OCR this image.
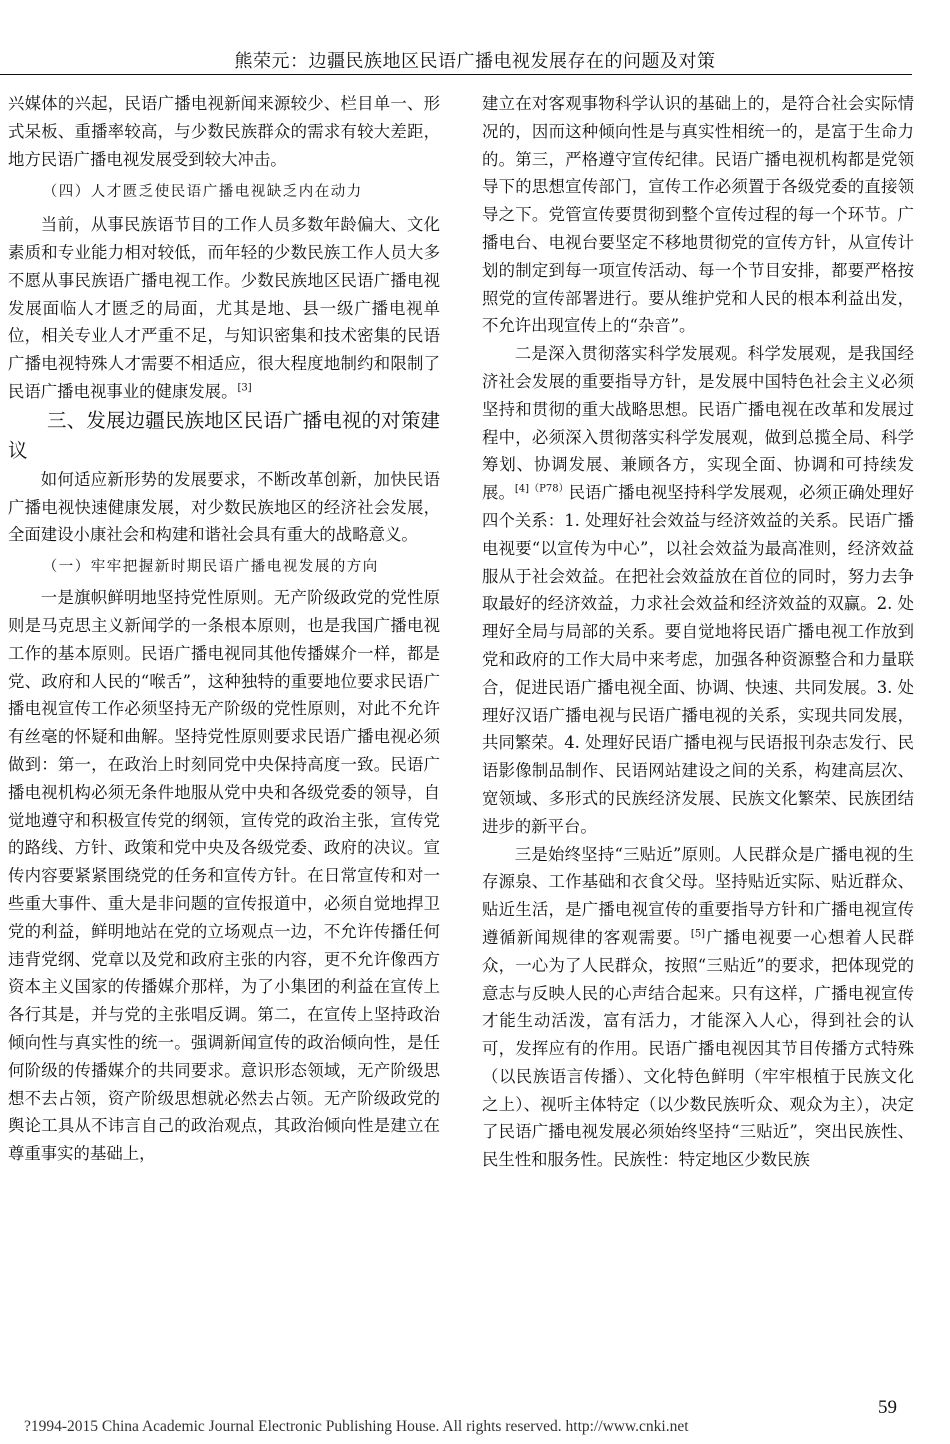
熊荣元：边疆民族地区民语广播电视发展存在的问题及对策

兴媒体的兴起，民语广播电视新闻来源较少、栏目单一、形式呆板、重播率较高，与少数民族群众的需求有较大差距，地方民语广播电视发展受到较大冲击。

（四）人才匮乏使民语广播电视缺乏内在动力

当前，从事民族语节目的工作人员多数年龄偏大、文化素质和专业能力相对较低，而年轻的少数民族工作人员大多不愿从事民族语广播电视工作。少数民族地区民语广播电视发展面临人才匮乏的局面，尤其是地、县一级广播电视单位，相关专业人才严重不足，与知识密集和技术密集的民语广播电视特殊人才需要不相适应，很大程度地制约和限制了民语广播电视事业的健康发展。[3]

三、发展边疆民族地区民语广播电视的对策建议

如何适应新形势的发展要求，不断改革创新，加快民语广播电视快速健康发展，对少数民族地区的经济社会发展，全面建设小康社会和构建和谐社会具有重大的战略意义。

（一）牢牢把握新时期民语广播电视发展的方向

一是旗帜鲜明地坚持党性原则。无产阶级政党的党性原则是马克思主义新闻学的一条根本原则，也是我国广播电视工作的基本原则。民语广播电视同其他传播媒介一样，都是党、政府和人民的“喉舌”，这种独特的重要地位要求民语广播电视宣传工作必须坚持无产阶级的党性原则，对此不允许有丝毫的怀疑和曲解。坚持党性原则要求民语广播电视必须做到：第一，在政治上时刻同党中央保持高度一致。民语广播电视机构必须无条件地服从党中央和各级党委的领导，自觉地遵守和积极宣传党的纲领，宣传党的政治主张，宣传党的路线、方针、政策和党中央及各级党委、政府的决议。宣传内容要紧紧围绕党的任务和宣传方针。在日常宣传和对一些重大事件、重大是非问题的宣传报道中，必须自觉地捍卫党的利益，鲜明地站在党的立场观点一边，不允许传播任何违背党纲、党章以及党和政府主张的内容，更不允许像西方资本主义国家的传播媒介那样，为了小集团的利益在宣传上各行其是，并与党的主张唱反调。第二，在宣传上坚持政治倾向性与真实性的统一。强调新闻宣传的政治倾向性，是任何阶级的传播媒介的共同要求。意识形态领域，无产阶级思想不去占领，资产阶级思想就必然去占领。无产阶级政党的舆论工具从不讳言自己的政治观点，其政治倾向性是建立在尊重事实的基础上，

建立在对客观事物科学认识的基础上的，是符合社会实际情况的，因而这种倾向性是与真实性相统一的，是富于生命力的。第三，严格遵守宣传纪律。民语广播电视机构都是党领导下的思想宣传部门，宣传工作必须置于各级党委的直接领导之下。党管宣传要贯彻到整个宣传过程的每一个环节。广播电台、电视台要坚定不移地贯彻党的宣传方针，从宣传计划的制定到每一项宣传活动、每一个节目安排，都要严格按照党的宣传部署进行。要从维护党和人民的根本利益出发，不允许出现宣传上的“杂音”。

二是深入贯彻落实科学发展观。科学发展观，是我国经济社会发展的重要指导方针，是发展中国特色社会主义必须坚持和贯彻的重大战略思想。民语广播电视在改革和发展过程中，必须深入贯彻落实科学发展观，做到总揽全局、科学筹划、协调发展、兼顾各方，实现全面、协调和可持续发展。$^{[4](P78)}$民语广播电视坚持科学发展观，必须正确处理好四个关系：1. 处理好社会效益与经济效益的关系。民语广播电视要“以宣传为中心”，以社会效益为最高准则，经济效益服从于社会效益。在把社会效益放在首位的同时，努力去争取最好的经济效益，力求社会效益和经济效益的双赢。2. 处理好全局与局部的关系。要自觉地将民语广播电视工作放到党和政府的工作大局中来考虑，加强各种资源整合和力量联合，促进民语广播电视全面、协调、快速、共同发展。3. 处理好汉语广播电视与民语广播电视的关系，实现共同发展，共同繁荣。4. 处理好民语广播电视与民语报刊杂志发行、民语影像制品制作、民语网站建设之间的关系，构建高层次、宽领域、多形式的民族经济发展、民族文化繁荣、民族团结进步的新平台。

三是始终坚持“三贴近”原则。人民群众是广播电视的生存源泉、工作基础和衣食父母。坚持贴近实际、贴近群众、贴近生活，是广播电视宣传的重要指导方针和广播电视宣传遵循新闻规律的客观需要。[5]广播电视要一心想着人民群众，一心为了人民群众，按照“三贴近”的要求，把体现党的意志与反映人民的心声结合起来。只有这样，广播电视宣传才能生动活泼，富有活力，才能深入人心，得到社会的认可，发挥应有的作用。民语广播电视因其节目传播方式特殊（以民族语言传播）、文化特色鲜明（牢牢根植于民族文化之上）、视听主体特定（以少数民族听众、观众为主），决定了民语广播电视发展必须始终坚持“三贴近”，突出民族性、民生性和服务性。民族性：特定地区少数民族

59
?1994-2015 China Academic Journal Electronic Publishing House. All rights reserved. http://www.cnki.net
